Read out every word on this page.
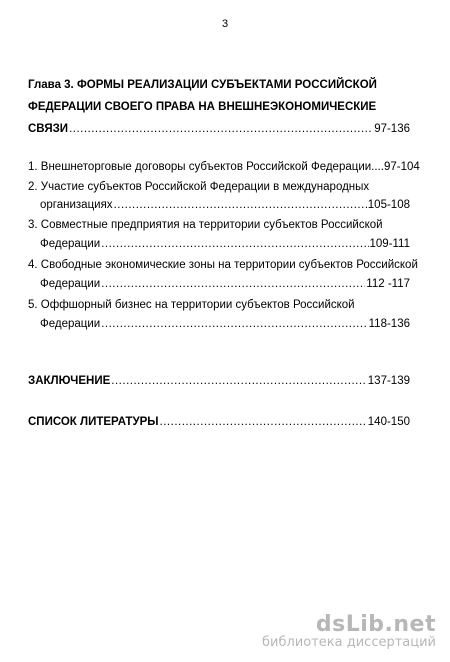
3
Глава 3. ФОРМЫ РЕАЛИЗАЦИИ СУБЪЕКТАМИ РОССИЙСКОЙ
ФЕДЕРАЦИИ СВОЕГО ПРАВА НА ВНЕШНЕЭКОНОМИЧЕСКИЕ
СВЯЗИ .....	97-136
1. Внешнеторговые договоры субъектов Российской Федерации....97-104
2. Участие субъектов Российской Федерации в международных
организациях .....	105-108
3. Совместные предприятия на территории субъектов Российской
Федерации .....	109-111
4. Свободные экономические зоны на территории субъектов Российской
Федерации .....	112 -117
5. Оффшорный бизнес на территории субъектов Российской
Федерации .....	118-136
ЗАКЛЮЧЕНИЕ .....	137-139
СПИСОК ЛИТЕРАТУРЫ .....	140-150
dsLib.net
библиотека диссертаций
